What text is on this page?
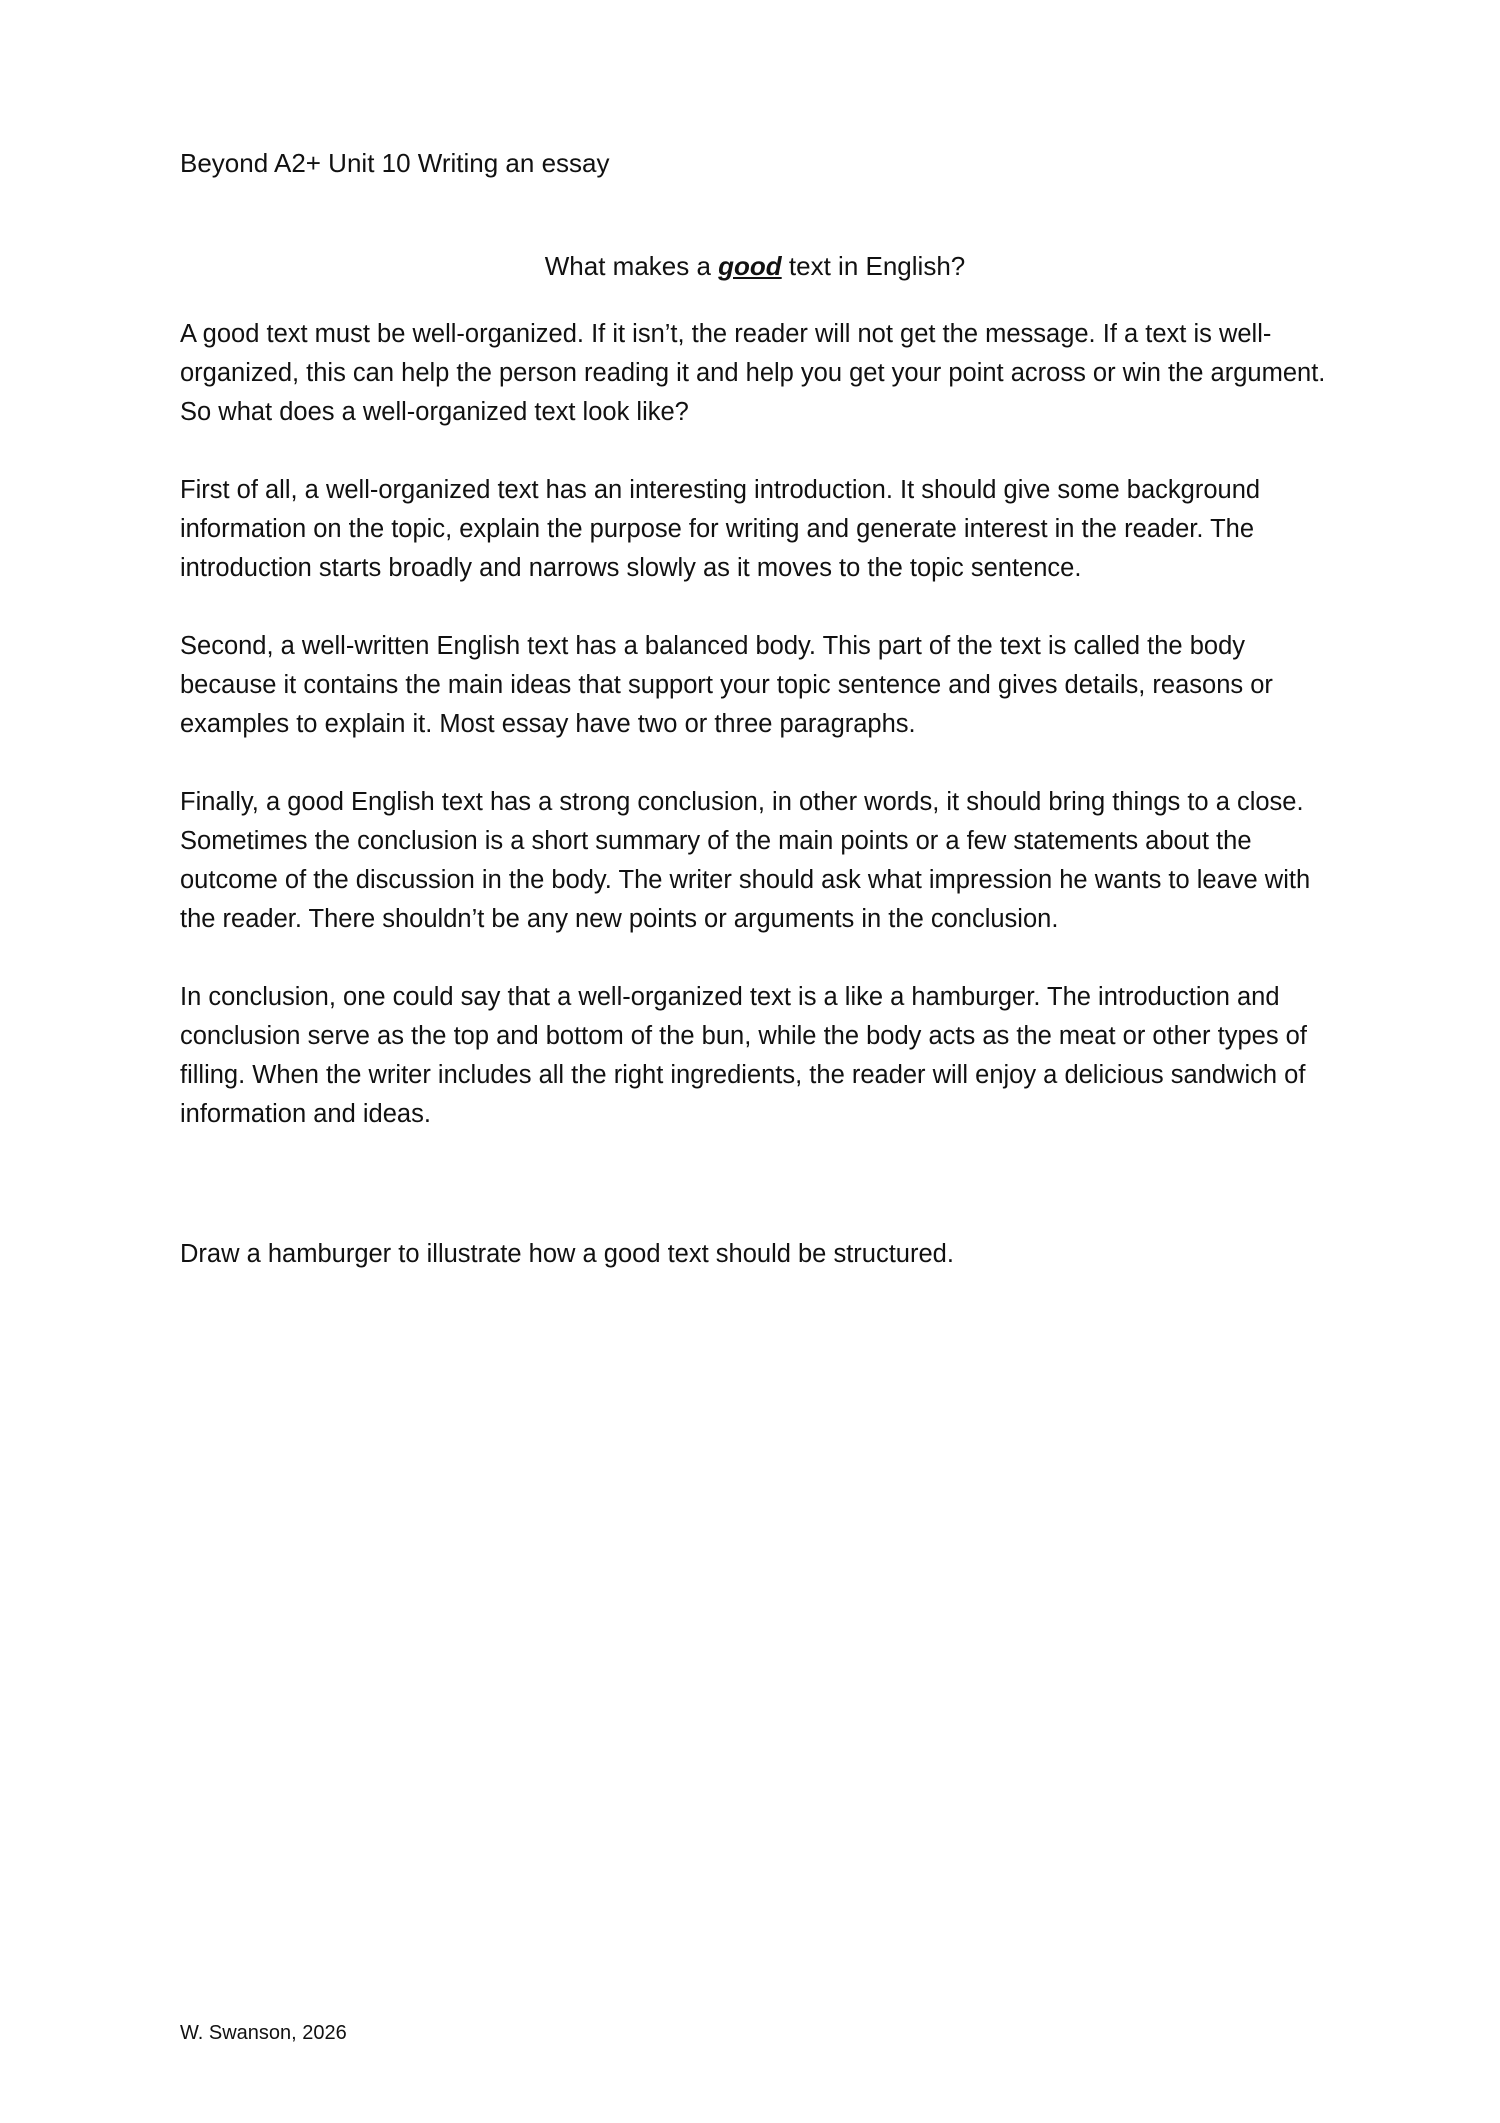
Beyond A2+ Unit 10 Writing an essay
What makes a good text in English?

A good text must be well-organized. If it isn’t, the reader will not get the message. If a text is well-organized, this can help the person reading it and help you get your point across or win the argument. So what does a well-organized text look like?

First of all, a well-organized text has an interesting introduction. It should give some background information on the topic, explain the purpose for writing and generate interest in the reader. The introduction starts broadly and narrows slowly as it moves to the topic sentence.

Second, a well-written English text has a balanced body. This part of the text is called the body because it contains the main ideas that support your topic sentence and gives details, reasons or examples to explain it. Most essay have two or three paragraphs.

Finally, a good English text has a strong conclusion, in other words, it should bring things to a close. Sometimes the conclusion is a short summary of the main points or a few statements about the outcome of the discussion in the body. The writer should ask what impression he wants to leave with the reader. There shouldn’t be any new points or arguments in the conclusion.

In conclusion, one could say that a well-organized text is a like a hamburger. The introduction and conclusion serve as the top and bottom of the bun, while the body acts as the meat or other types of filling. When the writer includes all the right ingredients, the reader will enjoy a delicious sandwich of information and ideas.

Draw a hamburger to illustrate how a good text should be structured.
W. Swanson, 2026
